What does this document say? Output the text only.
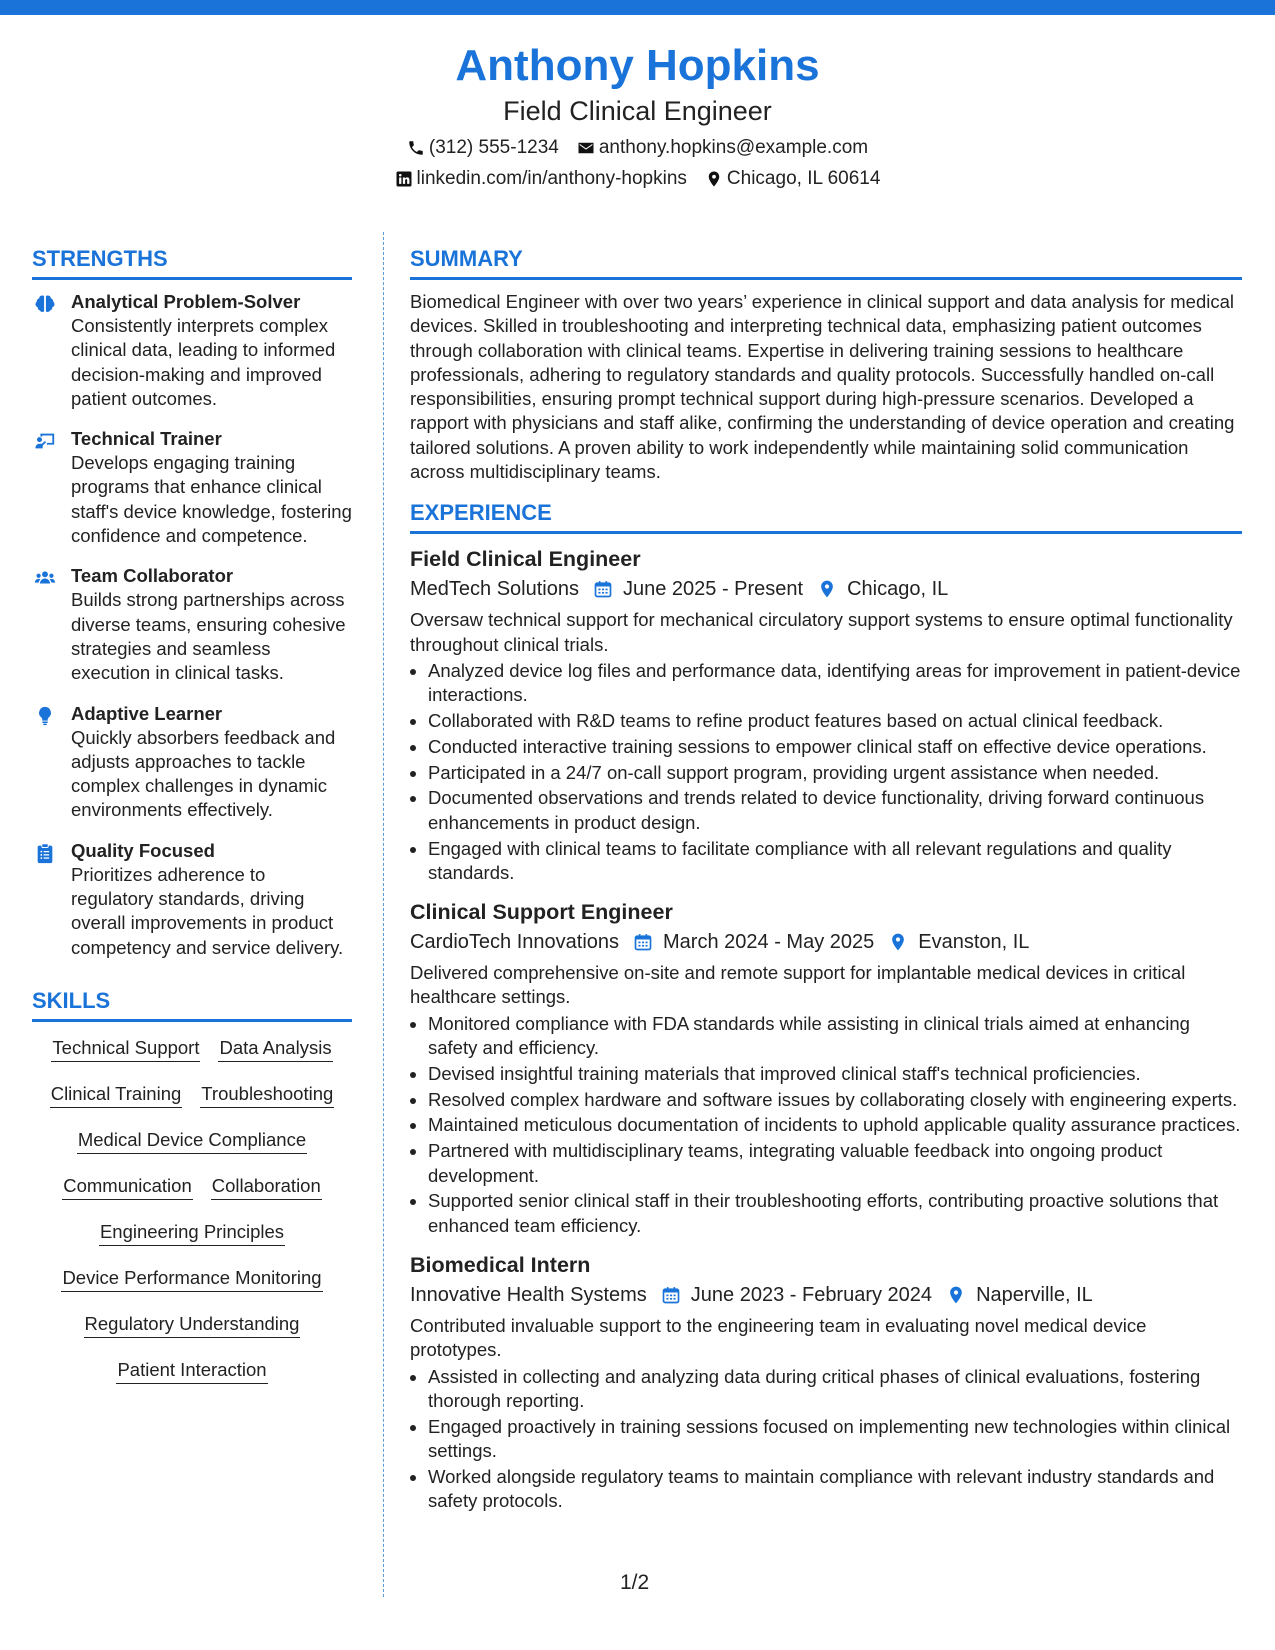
Anthony Hopkins
Field Clinical Engineer
(312) 555-1234 anthony.hopkins@example.com
linkedin.com/in/anthony-hopkins Chicago, IL 60614
STRENGTHS
Analytical Problem-Solver
Consistently interprets complex clinical data, leading to informed decision-making and improved patient outcomes.
Technical Trainer
Develops engaging training programs that enhance clinical staff's device knowledge, fostering confidence and competence.
Team Collaborator
Builds strong partnerships across diverse teams, ensuring cohesive strategies and seamless execution in clinical tasks.
Adaptive Learner
Quickly absorbers feedback and adjusts approaches to tackle complex challenges in dynamic environments effectively.
Quality Focused
Prioritizes adherence to regulatory standards, driving overall improvements in product competency and service delivery.
SKILLS
Technical Support Data Analysis
Clinical Training Troubleshooting
Medical Device Compliance
Communication Collaboration
Engineering Principles
Device Performance Monitoring
Regulatory Understanding
Patient Interaction
SUMMARY

Biomedical Engineer with over two years’ experience in clinical support and data analysis for medical devices. Skilled in troubleshooting and interpreting technical data, emphasizing patient outcomes through collaboration with clinical teams. Expertise in delivering training sessions to healthcare professionals, adhering to regulatory standards and quality protocols. Successfully handled on-call responsibilities, ensuring prompt technical support during high-pressure scenarios. Developed a rapport with physicians and staff alike, confirming the understanding of device operation and creating tailored solutions. A proven ability to work independently while maintaining solid communication across multidisciplinary teams.

EXPERIENCE
Field Clinical Engineer
MedTech Solutions June 2025 - Present Chicago, IL

Oversaw technical support for mechanical circulatory support systems to ensure optimal functionality throughout clinical trials.

• Analyzed device log files and performance data, identifying areas for improvement in patient-device interactions.
• Collaborated with R&D teams to refine product features based on actual clinical feedback.
• Conducted interactive training sessions to empower clinical staff on effective device operations.
• Participated in a 24/7 on-call support program, providing urgent assistance when needed.
• Documented observations and trends related to device functionality, driving forward continuous enhancements in product design.
• Engaged with clinical teams to facilitate compliance with all relevant regulations and quality standards.
Clinical Support Engineer
CardioTech Innovations March 2024 - May 2025 Evanston, IL

Delivered comprehensive on-site and remote support for implantable medical devices in critical healthcare settings.

• Monitored compliance with FDA standards while assisting in clinical trials aimed at enhancing safety and efficiency.
• Devised insightful training materials that improved clinical staff's technical proficiencies.
• Resolved complex hardware and software issues by collaborating closely with engineering experts.
• Maintained meticulous documentation of incidents to uphold applicable quality assurance practices.
• Partnered with multidisciplinary teams, integrating valuable feedback into ongoing product development.
• Supported senior clinical staff in their troubleshooting efforts, contributing proactive solutions that enhanced team efficiency.
Biomedical Intern
Innovative Health Systems June 2023 - February 2024 Naperville, IL

Contributed invaluable support to the engineering team in evaluating novel medical device prototypes.

• Assisted in collecting and analyzing data during critical phases of clinical evaluations, fostering thorough reporting.
• Engaged proactively in training sessions focused on implementing new technologies within clinical settings.
• Worked alongside regulatory teams to maintain compliance with relevant industry standards and safety protocols.
1/2
